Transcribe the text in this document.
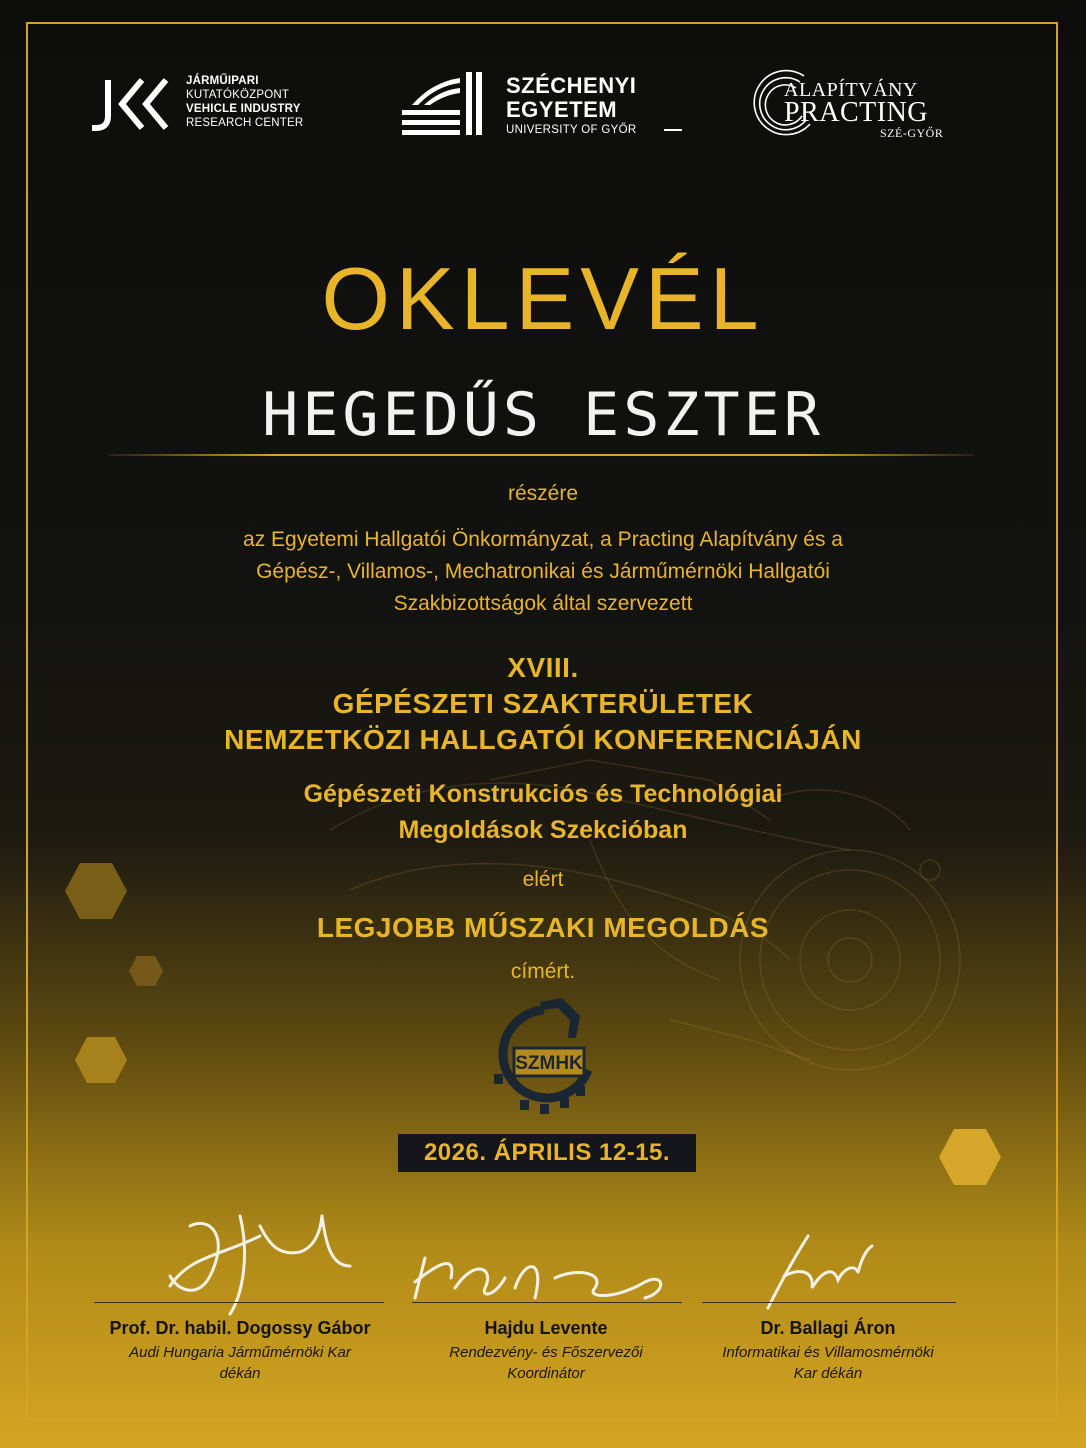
JÁRMŰIPARI
KUTATÓKÖZPONT
VEHICLE INDUSTRY
RESEARCH CENTER
SZÉCHENYI
EGYETEM
UNIVERSITY OF GYŐR
ALAPÍTVÁNY
PRACTING
SZÉ-GYŐR
OKLEVÉL
HEGEDŰS ESZTER
részére
az Egyetemi Hallgatói Önkormányzat, a Practing Alapítvány és a
Gépész-, Villamos-, Mechatronikai és Járműmérnöki Hallgatói
Szakbizottságok által szervezett
XVIII.
GÉPÉSZETI SZAKTERÜLETEK
NEMZETKÖZI HALLGATÓI KONFERENCIÁJÁN
Gépészeti Konstrukciós és Technológiai
Megoldások Szekcióban
elért
LEGJOBB MŰSZAKI MEGOLDÁS
címért.
SZMHK
2026. ÁPRILIS 12-15.
Prof. Dr. habil. Dogossy Gábor
Audi Hungaria Járműmérnöki Kar
dékán
Hajdu Levente
Rendezvény- és Főszervezői
Koordinátor
Dr. Ballagi Áron
Informatikai és Villamosmérnöki
Kar dékán
